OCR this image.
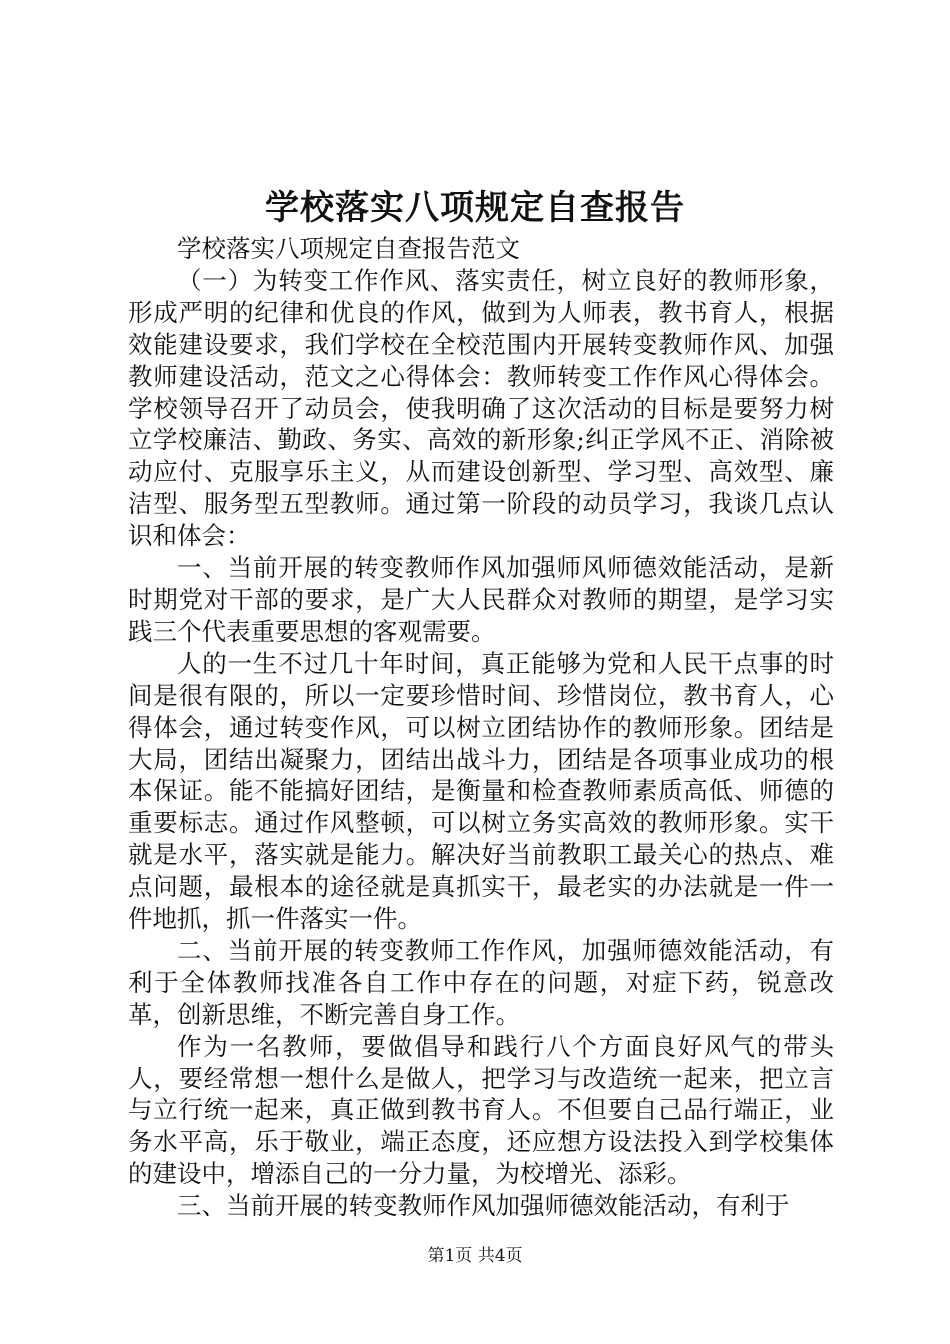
学校落实八项规定自查报告

学校落实八项规定自查报告范文

（一）为转变工作作风、落实责任，树立良好的教师形象，形成严明的纪律和优良的作风，做到为人师表，教书育人，根据效能建设要求，我们学校在全校范围内开展转变教师作风、加强教师建设活动，范文之心得体会：教师转变工作作风心得体会。学校领导召开了动员会，使我明确了这次活动的目标是要努力树立学校廉洁、勤政、务实、高效的新形象;纠正学风不正、消除被动应付、克服享乐主义，从而建设创新型、学习型、高效型、廉洁型、服务型五型教师。通过第一阶段的动员学习，我谈几点认识和体会：

一、当前开展的转变教师作风加强师风师德效能活动，是新时期党对干部的要求，是广大人民群众对教师的期望，是学习实践三个代表重要思想的客观需要。

人的一生不过几十年时间，真正能够为党和人民干点事的时间是很有限的，所以一定要珍惜时间、珍惜岗位，教书育人，心得体会，通过转变作风，可以树立团结协作的教师形象。团结是大局，团结出凝聚力，团结出战斗力，团结是各项事业成功的根本保证。能不能搞好团结，是衡量和检查教师素质高低、师德的重要标志。通过作风整顿，可以树立务实高效的教师形象。实干就是水平，落实就是能力。解决好当前教职工最关心的热点、难点问题，最根本的途径就是真抓实干，最老实的办法就是一件一件地抓，抓一件落实一件。

二、当前开展的转变教师工作作风，加强师德效能活动，有利于全体教师找准各自工作中存在的问题，对症下药，锐意改革，创新思维，不断完善自身工作。

作为一名教师，要做倡导和践行八个方面良好风气的带头人，要经常想一想什么是做人，把学习与改造统一起来，把立言与立行统一起来，真正做到教书育人。不但要自己品行端正，业务水平高，乐于敬业，端正态度，还应想方设法投入到学校集体的建设中，增添自己的一分力量，为校增光、添彩。

三、当前开展的转变教师作风加强师德效能活动，有利于

第1页 共4页
